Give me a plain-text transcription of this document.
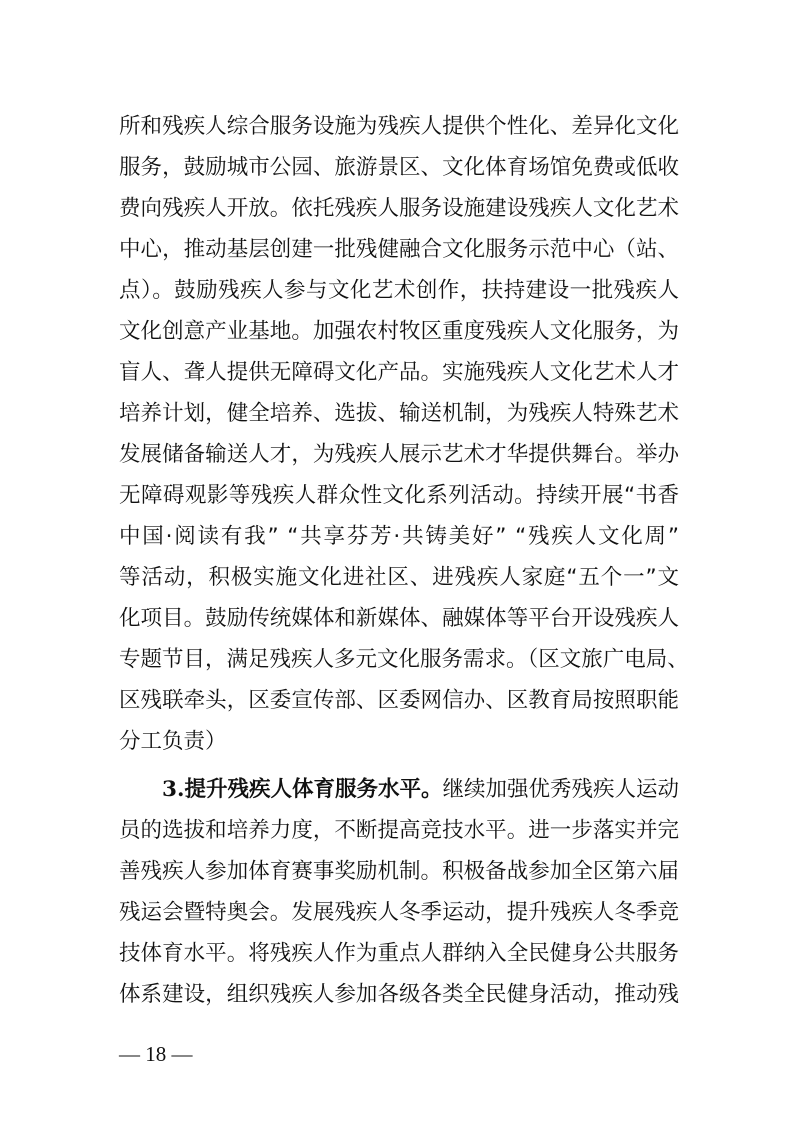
所和残疾人综合服务设施为残疾人提供个性化、差异化文化
服务，鼓励城市公园、旅游景区、文化体育场馆免费或低收
费向残疾人开放。依托残疾人服务设施建设残疾人文化艺术
中心，推动基层创建一批残健融合文化服务示范中心（站、
点）。鼓励残疾人参与文化艺术创作，扶持建设一批残疾人
文化创意产业基地。加强农村牧区重度残疾人文化服务，为
盲人、聋人提供无障碍文化产品。实施残疾人文化艺术人才
培养计划，健全培养、选拔、输送机制，为残疾人特殊艺术
发展储备输送人才，为残疾人展示艺术才华提供舞台。举办
无障碍观影等残疾人群众性文化系列活动。持续开展“书香
中国·阅读有我” “共享芬芳·共铸美好” “残疾人文化周”
等活动，积极实施文化进社区、进残疾人家庭“五个一”文
化项目。鼓励传统媒体和新媒体、融媒体等平台开设残疾人
专题节目，满足残疾人多元文化服务需求。（区文旅广电局、
区残联牵头，区委宣传部、区委网信办、区教育局按照职能
分工负责）
3.提升残疾人体育服务水平。继续加强优秀残疾人运动
员的选拔和培养力度，不断提高竞技水平。进一步落实并完
善残疾人参加体育赛事奖励机制。积极备战参加全区第六届
残运会暨特奥会。发展残疾人冬季运动，提升残疾人冬季竞
技体育水平。将残疾人作为重点人群纳入全民健身公共服务
体系建设，组织残疾人参加各级各类全民健身活动，推动残
— 18 —
